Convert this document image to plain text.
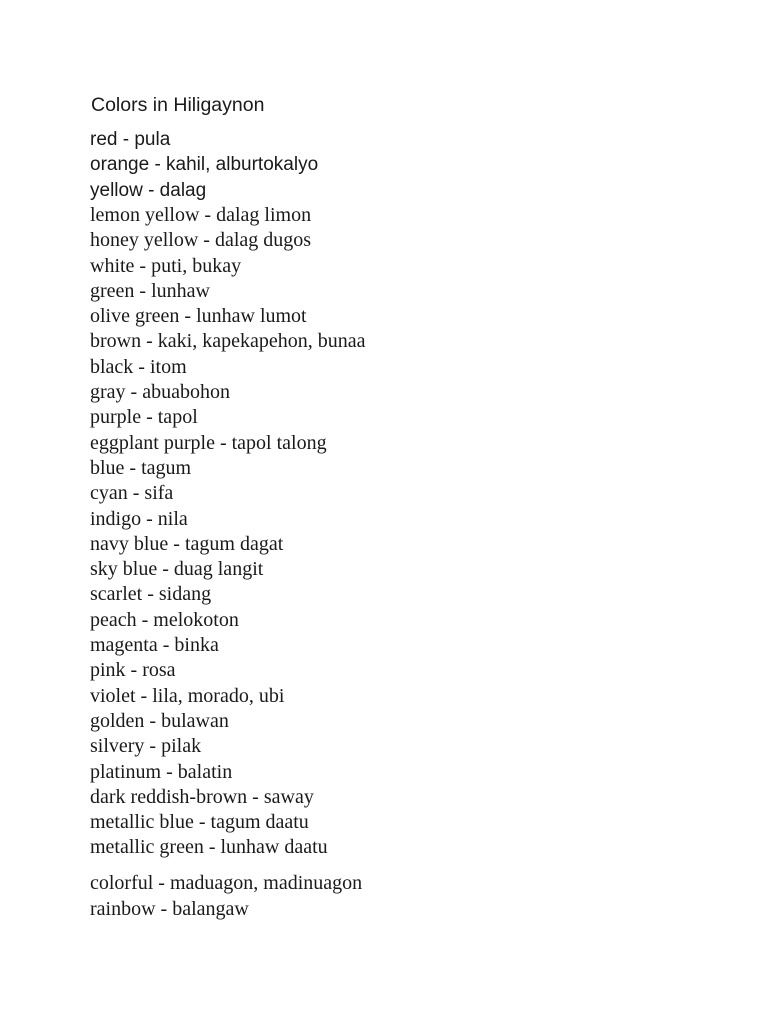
Colors in Hiligaynon
red - pula
orange - kahil, alburtokalyo
yellow - dalag
lemon yellow - dalag limon
honey yellow - dalag dugos
white - puti, bukay
green - lunhaw
olive green - lunhaw lumot
brown - kaki, kapekapehon, bunaa
black - itom
gray - abuabohon
purple - tapol
eggplant purple - tapol talong
blue - tagum
cyan - sifa
indigo - nila
navy blue - tagum dagat
sky blue - duag langit
scarlet - sidang
peach - melokoton
magenta - binka
pink - rosa
violet - lila, morado, ubi
golden - bulawan
silvery - pilak
platinum - balatin
dark reddish-brown - saway
metallic blue - tagum daatu
metallic green - lunhaw daatu
colorful - maduagon, madinuagon
rainbow - balangaw
